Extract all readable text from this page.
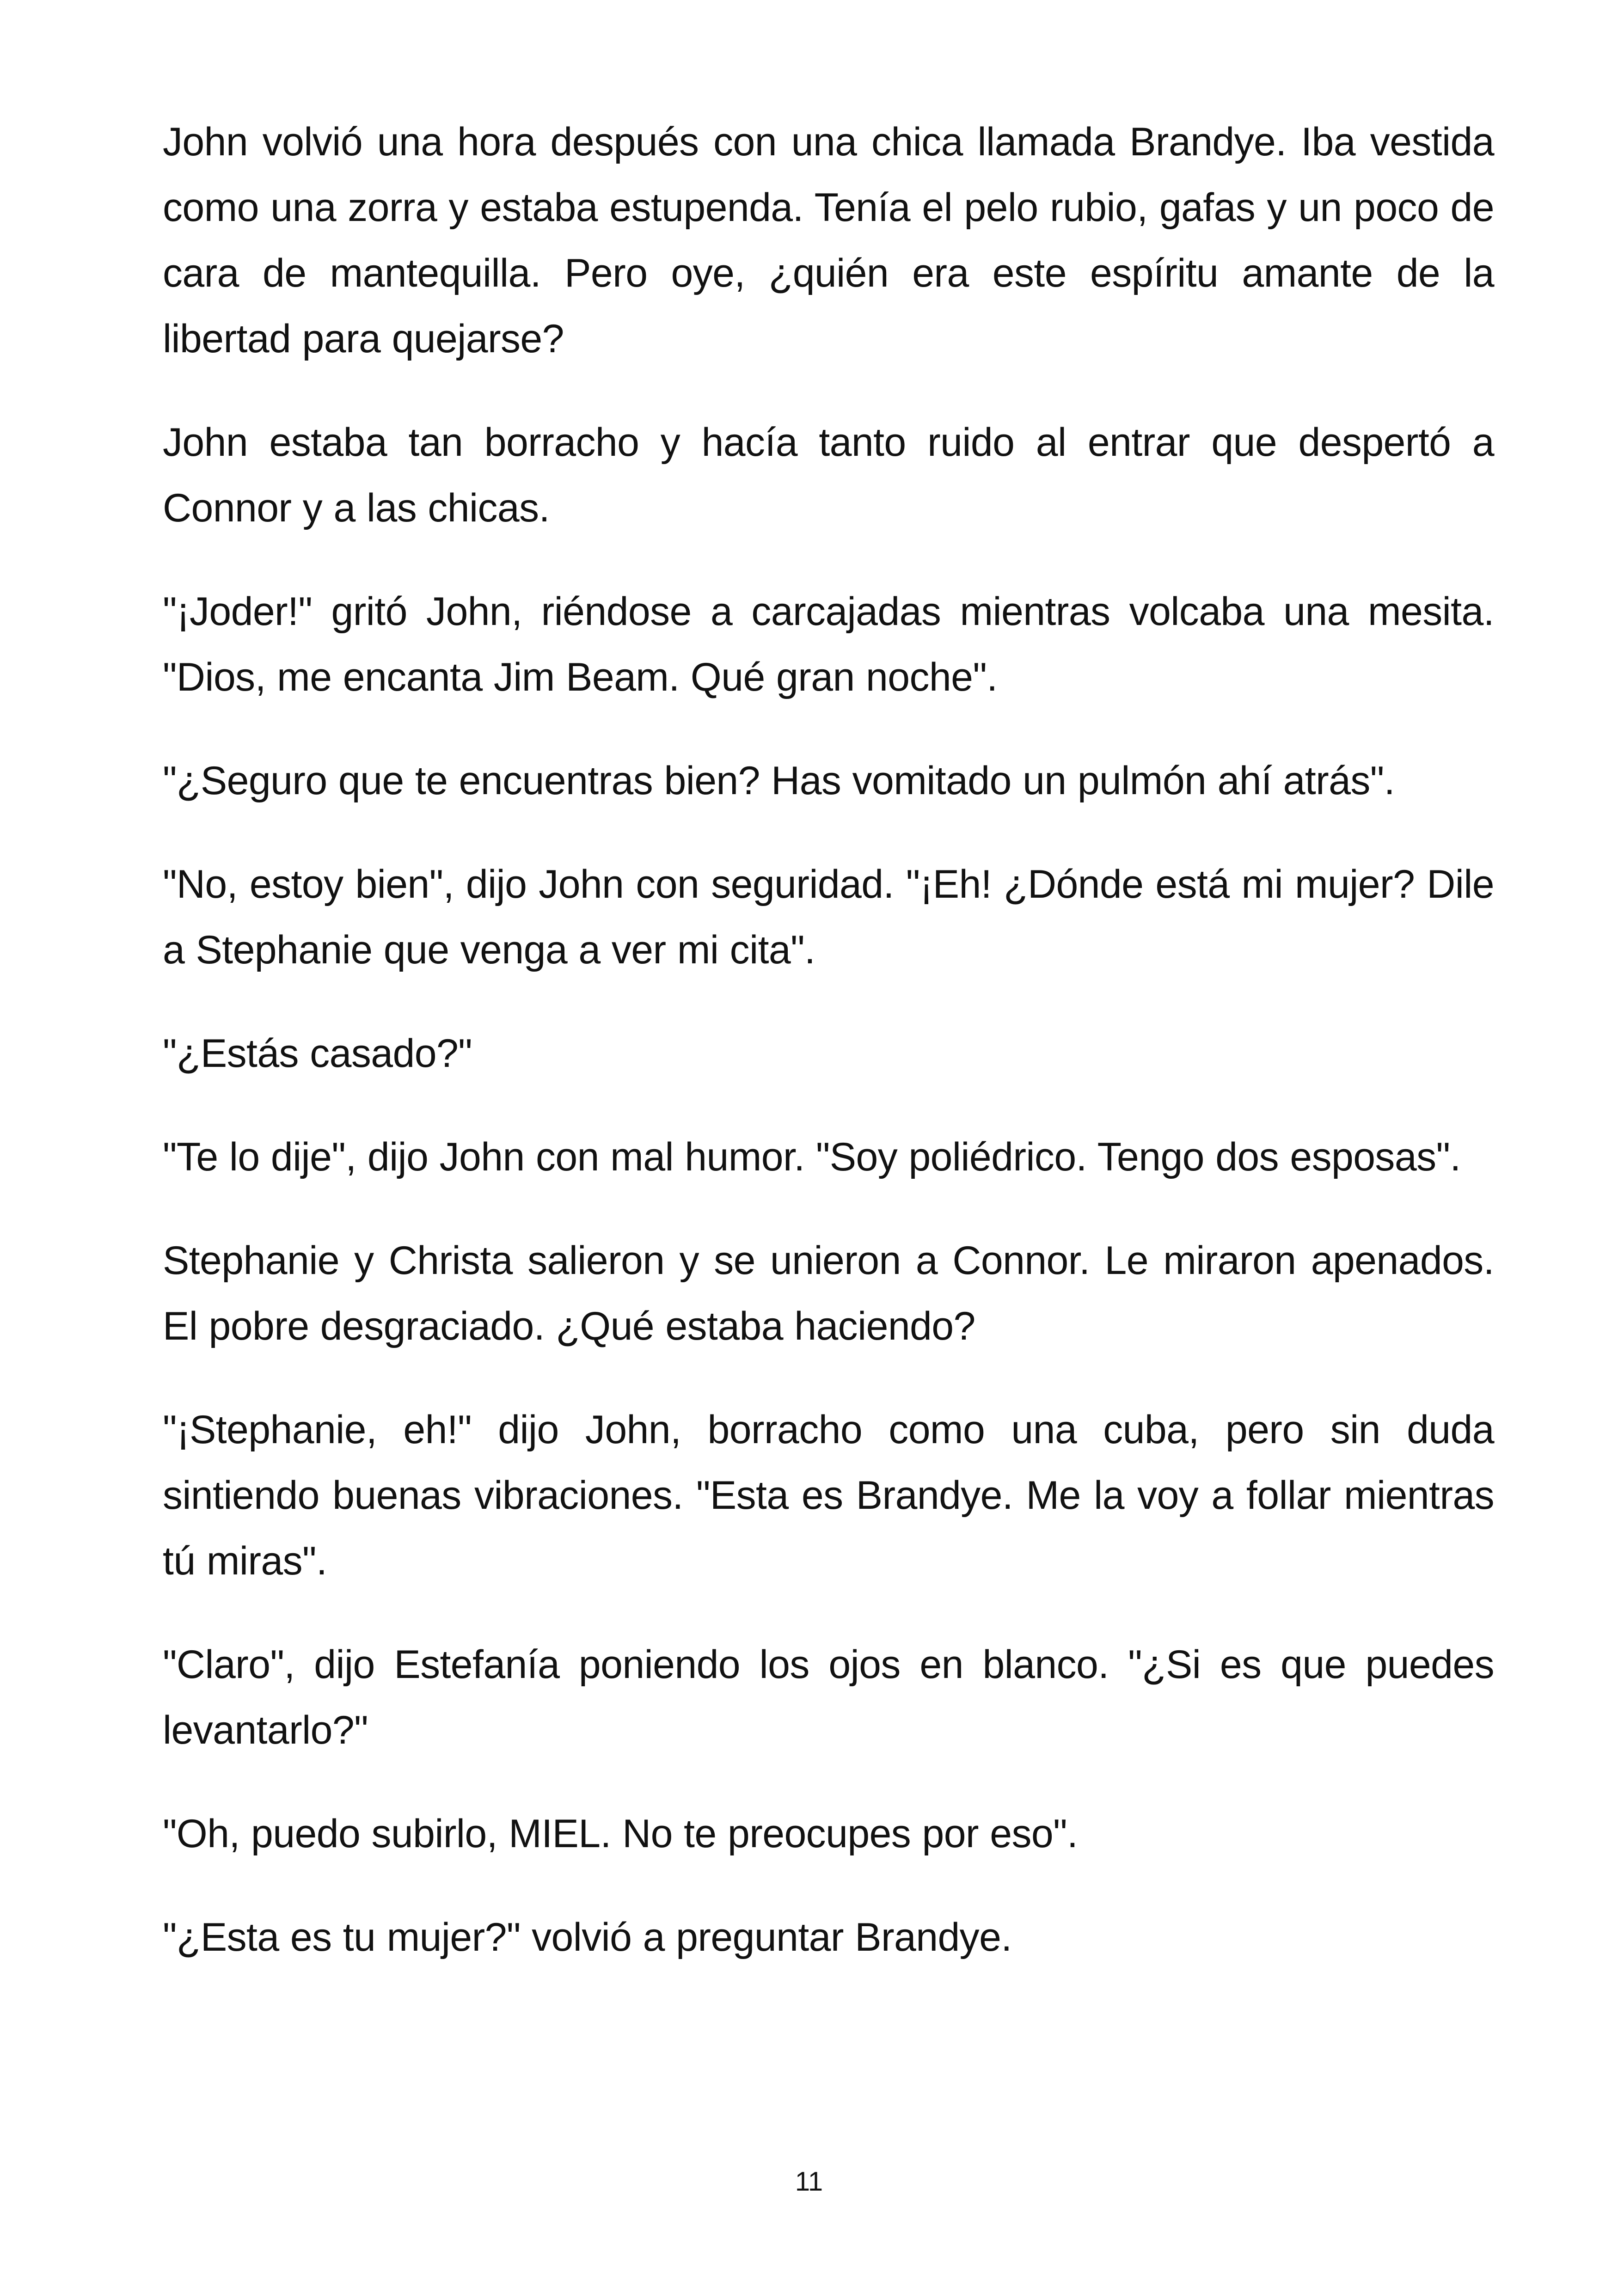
John volvió una hora después con una chica llamada Brandye. Iba vestida como una zorra y estaba estupenda. Tenía el pelo rubio, gafas y un poco de cara de mantequilla. Pero oye, ¿quién era este espíritu amante de la libertad para quejarse?

John estaba tan borracho y hacía tanto ruido al entrar que despertó a Connor y a las chicas.

"¡Joder!" gritó John, riéndose a carcajadas mientras volcaba una mesita. "Dios, me encanta Jim Beam. Qué gran noche".

"¿Seguro que te encuentras bien? Has vomitado un pulmón ahí atrás".

"No, estoy bien", dijo John con seguridad. "¡Eh! ¿Dónde está mi mujer? Dile a Stephanie que venga a ver mi cita".

"¿Estás casado?"

"Te lo dije", dijo John con mal humor. "Soy poliédrico. Tengo dos esposas".

Stephanie y Christa salieron y se unieron a Connor. Le miraron apenados. El pobre desgraciado. ¿Qué estaba haciendo?

"¡Stephanie, eh!" dijo John, borracho como una cuba, pero sin duda sintiendo buenas vibraciones. "Esta es Brandye. Me la voy a follar mientras tú miras".

"Claro", dijo Estefanía poniendo los ojos en blanco. "¿Si es que puedes levantarlo?"

"Oh, puedo subirlo, MIEL. No te preocupes por eso".

"¿Esta es tu mujer?" volvió a preguntar Brandye.

11
